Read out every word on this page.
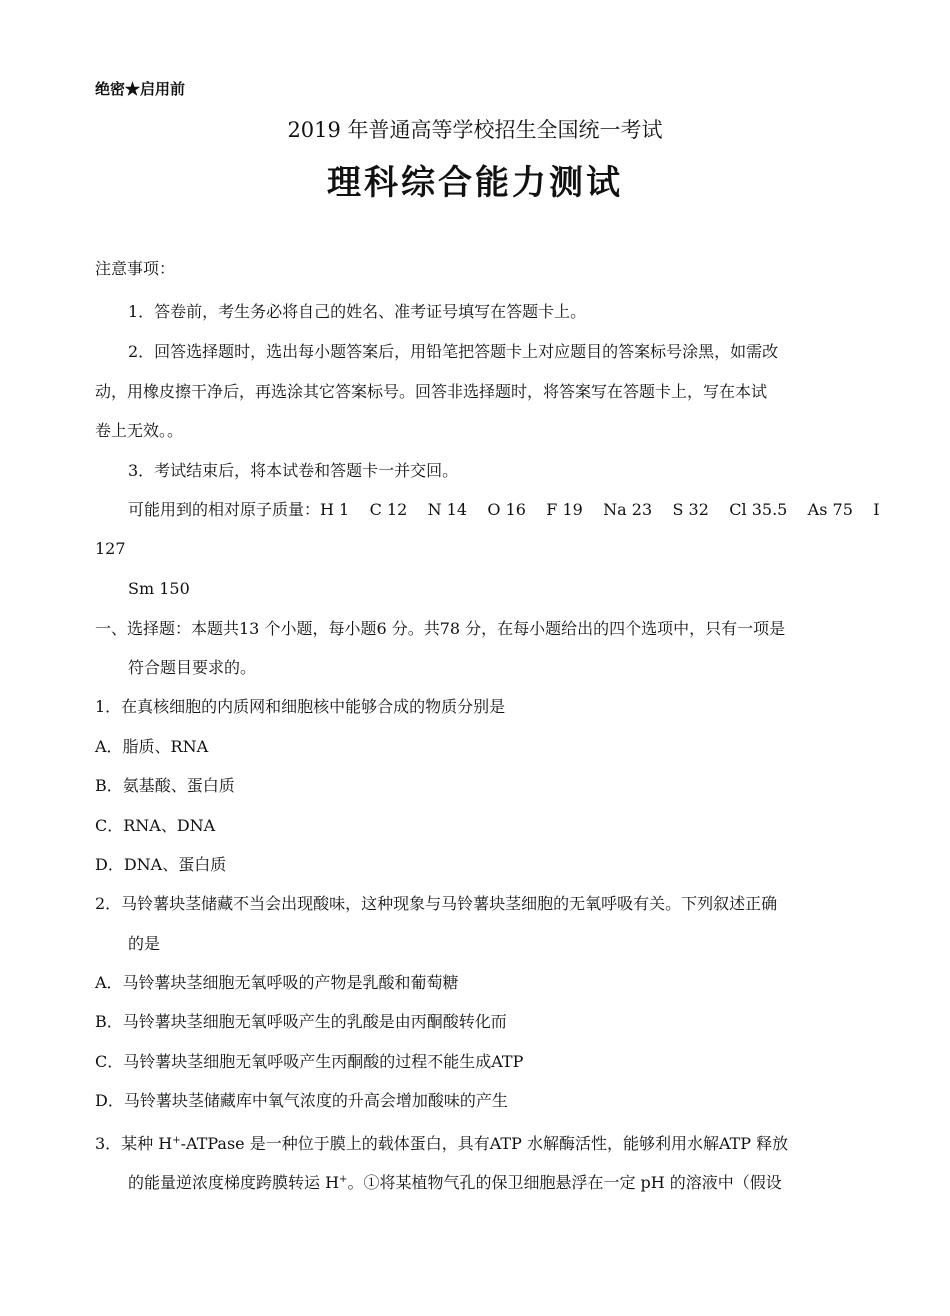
绝密★启用前
2019 年普通高等学校招生全国统一考试
理科综合能力测试
注意事项：
1．答卷前，考生务必将自己的姓名、准考证号填写在答题卡上。
2．回答选择题时，选出每小题答案后，用铅笔把答题卡上对应题目的答案标号涂黑，如需改
动，用橡皮擦干净后，再选涂其它答案标号。回答非选择题时，将答案写在答题卡上，写在本试
卷上无效。。
3．考试结束后，将本试卷和答题卡一并交回。
可能用到的相对原子质量：H 1    C 12    N 14    O 16    F 19    Na 23    S 32    Cl 35.5    As 75    I
127
Sm 150
一、选择题：本题共13 个小题，每小题6 分。共78 分，在每小题给出的四个选项中，只有一项是
符合题目要求的。
1．在真核细胞的内质网和细胞核中能够合成的物质分别是
A．脂质、RNA
B．氨基酸、蛋白质
C．RNA、DNA
D．DNA、蛋白质
2．马铃薯块茎储藏不当会出现酸味，这种现象与马铃薯块茎细胞的无氧呼吸有关。下列叙述正确
的是
A．马铃薯块茎细胞无氧呼吸的产物是乳酸和葡萄糖
B．马铃薯块茎细胞无氧呼吸产生的乳酸是由丙酮酸转化而
C．马铃薯块茎细胞无氧呼吸产生丙酮酸的过程不能生成ATP
D．马铃薯块茎储藏库中氧气浓度的升高会增加酸味的产生
3．某种 H+-ATPase 是一种位于膜上的载体蛋白，具有ATP 水解酶活性，能够利用水解ATP 释放
的能量逆浓度梯度跨膜转运 H+。①将某植物气孔的保卫细胞悬浮在一定 pH 的溶液中（假设
